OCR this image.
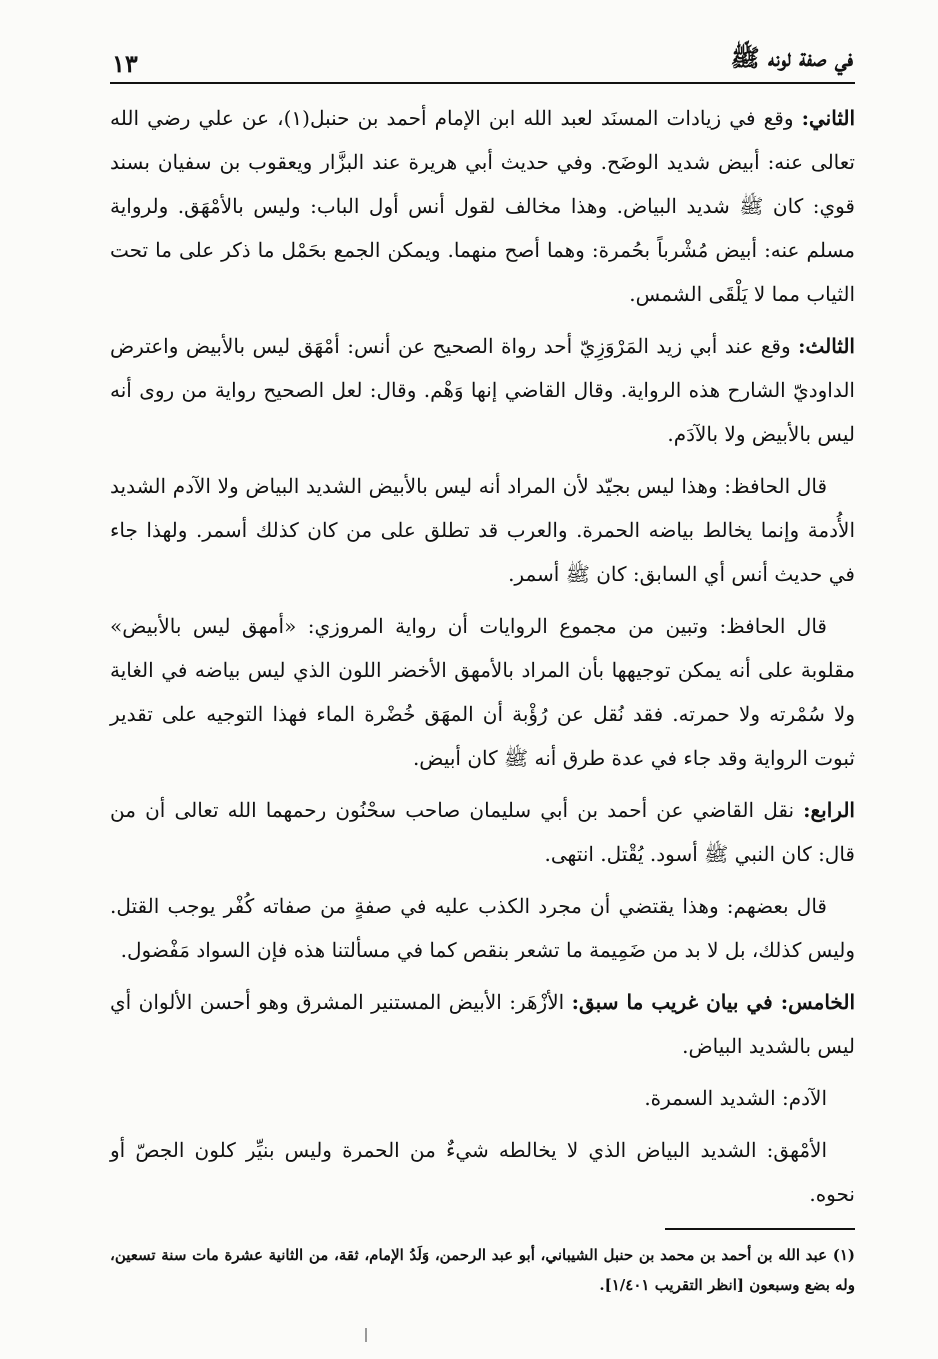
في صفة لونه ﷺ
١٣

الثاني: وقع في زيادات المسنَد لعبد الله ابن الإمام أحمد بن حنبل(١)، عن علي رضي الله تعالى عنه: أبيض شديد الوضَح. وفي حديث أبي هريرة عند البزَّار ويعقوب بن سفيان بسند قوي: كان ﷺ شديد البياض. وهذا مخالف لقول أنس أول الباب: وليس بالأمْهَق. ولرواية مسلم عنه: أبيض مُشْرباً بحُمرة: وهما أصح منهما. ويمكن الجمع بحَمْل ما ذكر على ما تحت الثياب مما لا يَلْقَى الشمس.

الثالث: وقع عند أبي زيد المَرْوَزِيّ أحد رواة الصحيح عن أنس: أمْهَق ليس بالأبيض واعترض الداوديّ الشارح هذه الرواية. وقال القاضي إنها وَهْم. وقال: لعل الصحيح رواية من روى أنه ليس بالأبيض ولا بالآدَم.

قال الحافظ: وهذا ليس بجيّد لأن المراد أنه ليس بالأبيض الشديد البياض ولا الآدم الشديد الأُدمة وإنما يخالط بياضه الحمرة. والعرب قد تطلق على من كان كذلك أسمر. ولهذا جاء في حديث أنس أي السابق: كان ﷺ أسمر.

قال الحافظ: وتبين من مجموع الروايات أن رواية المروزي: «أمهق ليس بالأبيض» مقلوبة على أنه يمكن توجيهها بأن المراد بالأمهق الأخضر اللون الذي ليس بياضه في الغاية ولا سُمْرته ولا حمرته. فقد نُقل عن رُؤْبة أن المهَق خُضْرة الماء فهذا التوجيه على تقدير ثبوت الرواية وقد جاء في عدة طرق أنه ﷺ كان أبيض.

الرابع: نقل القاضي عن أحمد بن أبي سليمان صاحب سحْنُون رحمهما الله تعالى أن من قال: كان النبي ﷺ أسود. يُقْتل. انتهى.

قال بعضهم: وهذا يقتضي أن مجرد الكذب عليه في صفةٍ من صفاته كُفْر يوجب القتل. وليس كذلك، بل لا بد من ضَمِيمة ما تشعر بنقص كما في مسألتنا هذه فإن السواد مَفْضول.

الخامس: في بيان غريب ما سبق: الأزْهَر: الأبيض المستنير المشرق وهو أحسن الألوان أي ليس بالشديد البياض.

الآدم: الشديد السمرة.

الأمْهق: الشديد البياض الذي لا يخالطه شيءٌ من الحمرة وليس بنيِّر كلون الجصّ أو نحوه.

(١) عبد الله بن أحمد بن محمد بن حنبل الشيباني، أبو عبد الرحمن، وَلَدُ الإمام، ثقة، من الثانية عشرة مات سنة تسعين، وله بضع وسبعون [انظر التقريب ١/٤٠١].
